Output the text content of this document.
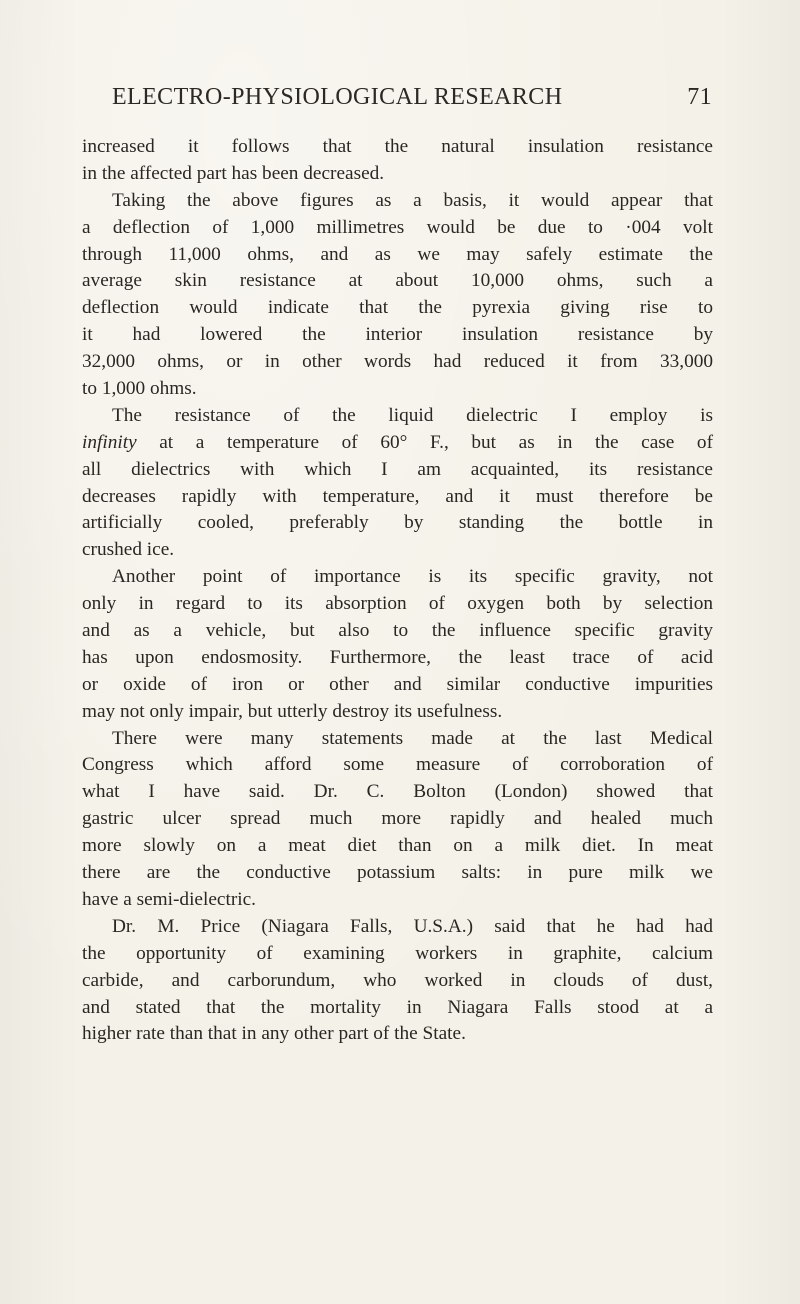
ELECTRO-PHYSIOLOGICAL RESEARCH	71
increased it follows that the natural insulation resistance
in the affected part has been decreased.
Taking the above figures as a basis, it would appear that
a deflection of 1,000 millimetres would be due to ·004 volt
through 11,000 ohms, and as we may safely estimate the
average skin resistance at about 10,000 ohms, such a
deflection would indicate that the pyrexia giving rise to
it had lowered the interior insulation resistance by
32,000 ohms, or in other words had reduced it from 33,000
to 1,000 ohms.
The resistance of the liquid dielectric I employ is
infinity at a temperature of 60° F., but as in the case of
all dielectrics with which I am acquainted, its resistance
decreases rapidly with temperature, and it must therefore be
artificially cooled, preferably by standing the bottle in
crushed ice.
Another point of importance is its specific gravity, not
only in regard to its absorption of oxygen both by selection
and as a vehicle, but also to the influence specific gravity
has upon endosmosity. Furthermore, the least trace of acid
or oxide of iron or other and similar conductive impurities
may not only impair, but utterly destroy its usefulness.
There were many statements made at the last Medical
Congress which afford some measure of corroboration of
what I have said. Dr. C. Bolton (London) showed that
gastric ulcer spread much more rapidly and healed much
more slowly on a meat diet than on a milk diet. In meat
there are the conductive potassium salts: in pure milk we
have a semi-dielectric.
Dr. M. Price (Niagara Falls, U.S.A.) said that he had had
the opportunity of examining workers in graphite, calcium
carbide, and carborundum, who worked in clouds of dust,
and stated that the mortality in Niagara Falls stood at a
higher rate than that in any other part of the State.
